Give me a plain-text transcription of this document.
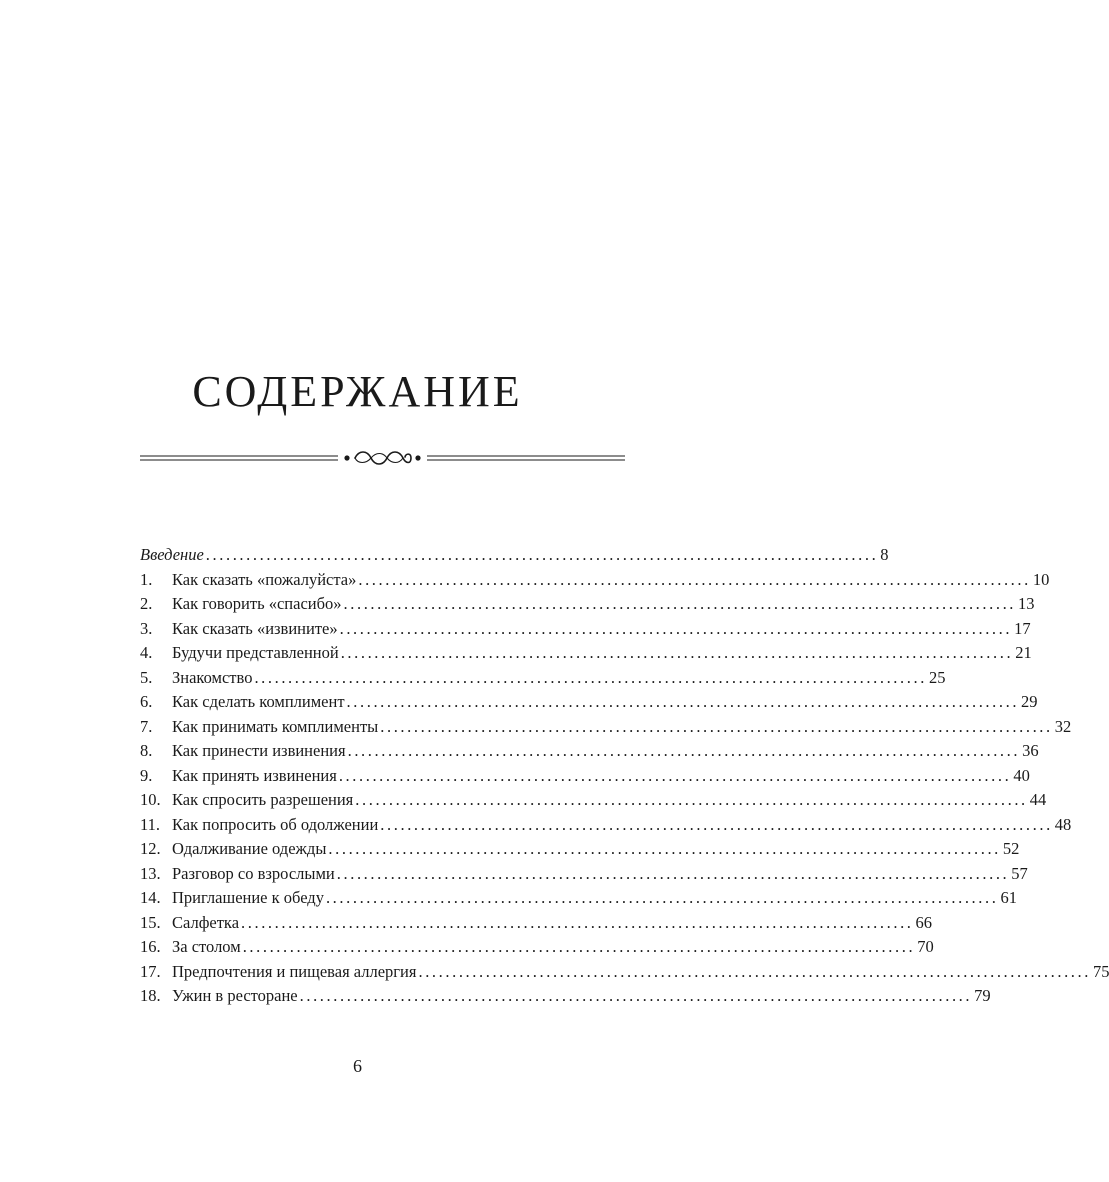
СОДЕРЖАНИЕ
Введение .................................................................................................... 8
1.	Как сказать «пожалуйста» .................................................................................................... 10
2.	Как говорить «спасибо» .................................................................................................... 13
3.	Как сказать «извините» .................................................................................................... 17
4.	Будучи представленной .................................................................................................... 21
5.	Знакомство .................................................................................................... 25
6.	Как сделать комплимент .................................................................................................... 29
7.	Как принимать комплименты .................................................................................................... 32
8.	Как принести извинения .................................................................................................... 36
9.	Как принять извинения .................................................................................................... 40
10. Как спросить разрешения .................................................................................................... 44
11. Как попросить об одолжении .................................................................................................... 48
12. Одалживание одежды .................................................................................................... 52
13. Разговор со взрослыми .................................................................................................... 57
14. Приглашение к обеду .................................................................................................... 61
15. Салфетка .................................................................................................... 66
16. За столом .................................................................................................... 70
17. Предпочтения и пищевая аллергия .................................................................................................... 75
18. Ужин в ресторане .................................................................................................... 79
6
